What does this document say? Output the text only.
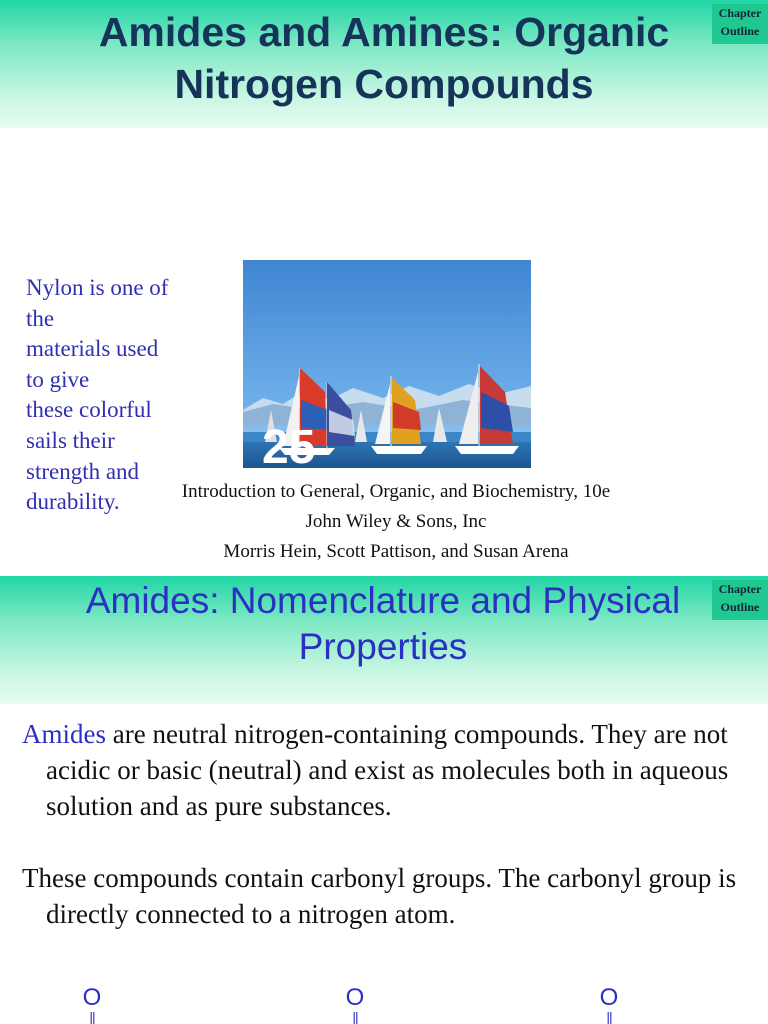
Amides and Amines: Organic
Nitrogen Compounds
Chapter
Outline
Nylon is one of
the
materials used
to give
these colorful
sails their
strength and
durability.
25
Introduction to General, Organic, and Biochemistry, 10e
John Wiley & Sons, Inc
Morris Hein, Scott Pattison, and Susan Arena
Amides: Nomenclature and Physical
Properties
Chapter
Outline
Amides are neutral nitrogen-containing compounds. They are not acidic or basic (neutral) and exist as molecules both in aqueous solution and as pure substances.
These compounds contain carbonyl groups. The carbonyl group is directly connected to a nitrogen atom.
O
||
O
||
O
||
